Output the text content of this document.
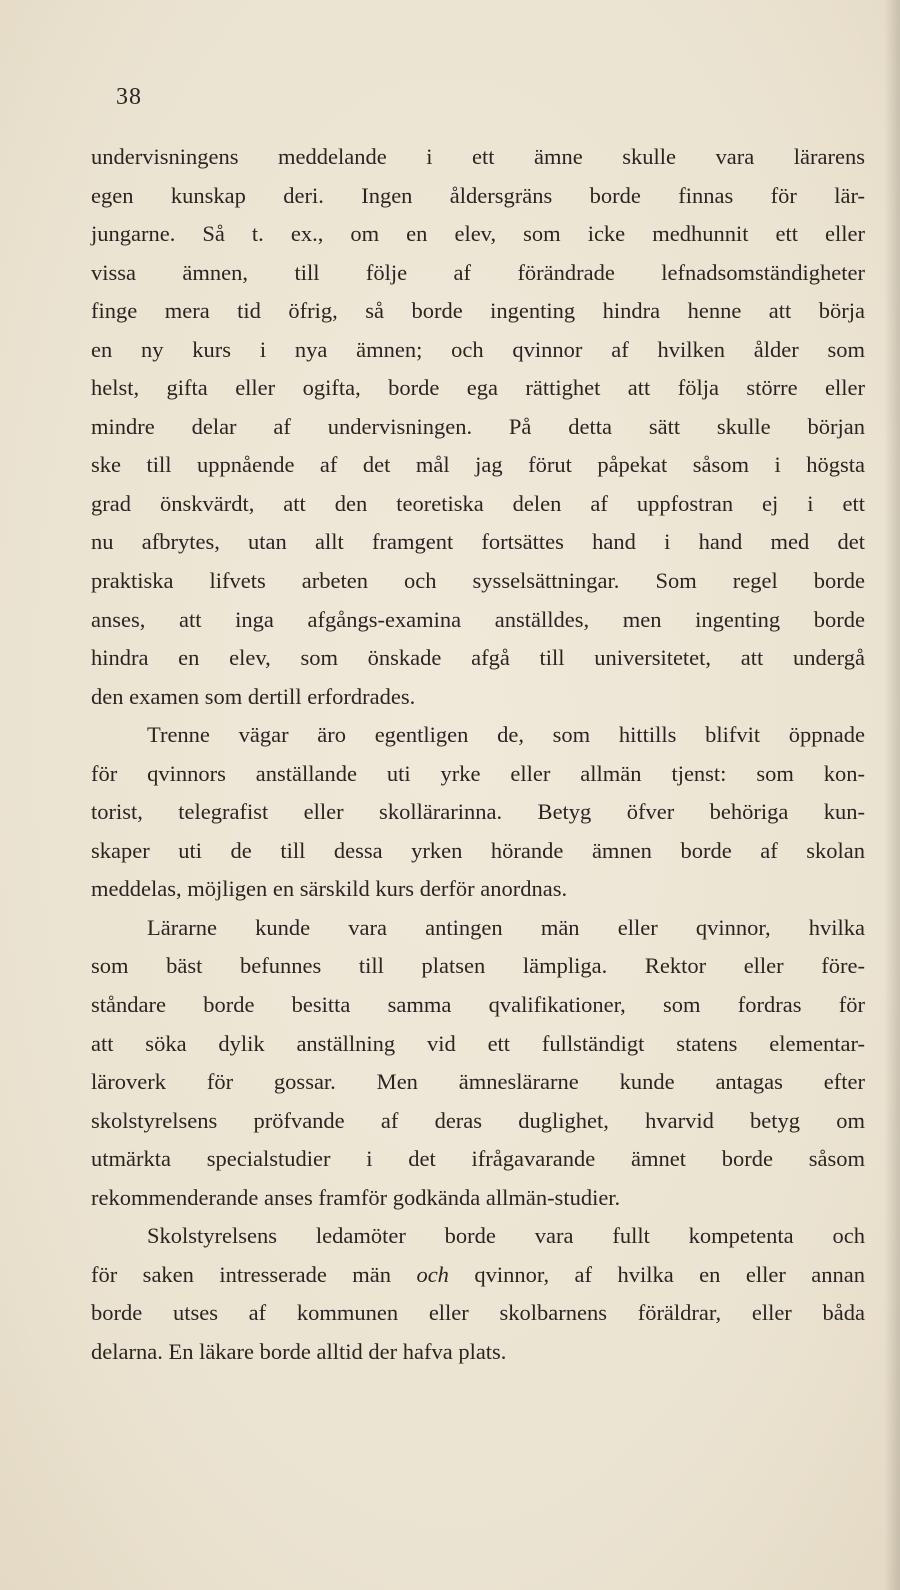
38
undervisningens meddelande i ett ämne skulle vara lärarens
egen kunskap deri. Ingen åldersgräns borde finnas för lär-
jungarne. Så t. ex., om en elev, som icke medhunnit ett eller
vissa ämnen, till följe af förändrade lefnadsomständigheter
finge mera tid öfrig, så borde ingenting hindra henne att börja
en ny kurs i nya ämnen; och qvinnor af hvilken ålder som
helst, gifta eller ogifta, borde ega rättighet att följa större eller
mindre delar af undervisningen. På detta sätt skulle början
ske till uppnående af det mål jag förut påpekat såsom i högsta
grad önskvärdt, att den teoretiska delen af uppfostran ej i ett
nu afbrytes, utan allt framgent fortsättes hand i hand med det
praktiska lifvets arbeten och sysselsättningar. Som regel borde
anses, att inga afgångs-examina anställdes, men ingenting borde
hindra en elev, som önskade afgå till universitetet, att undergå
den examen som dertill erfordrades.
Trenne vägar äro egentligen de, som hittills blifvit öppnade
för qvinnors anställande uti yrke eller allmän tjenst: som kon-
torist, telegrafist eller skollärarinna. Betyg öfver behöriga kun-
skaper uti de till dessa yrken hörande ämnen borde af skolan
meddelas, möjligen en särskild kurs derför anordnas.
Lärarne kunde vara antingen män eller qvinnor, hvilka
som bäst befunnes till platsen lämpliga. Rektor eller före-
ståndare borde besitta samma qvalifikationer, som fordras för
att söka dylik anställning vid ett fullständigt statens elementar-
läroverk för gossar. Men ämneslärarne kunde antagas efter
skolstyrelsens pröfvande af deras duglighet, hvarvid betyg om
utmärkta specialstudier i det ifrågavarande ämnet borde såsom
rekommenderande anses framför godkända allmän-studier.
Skolstyrelsens ledamöter borde vara fullt kompetenta och
för saken intresserade män och qvinnor, af hvilka en eller annan
borde utses af kommunen eller skolbarnens föräldrar, eller båda
delarna. En läkare borde alltid der hafva plats.
